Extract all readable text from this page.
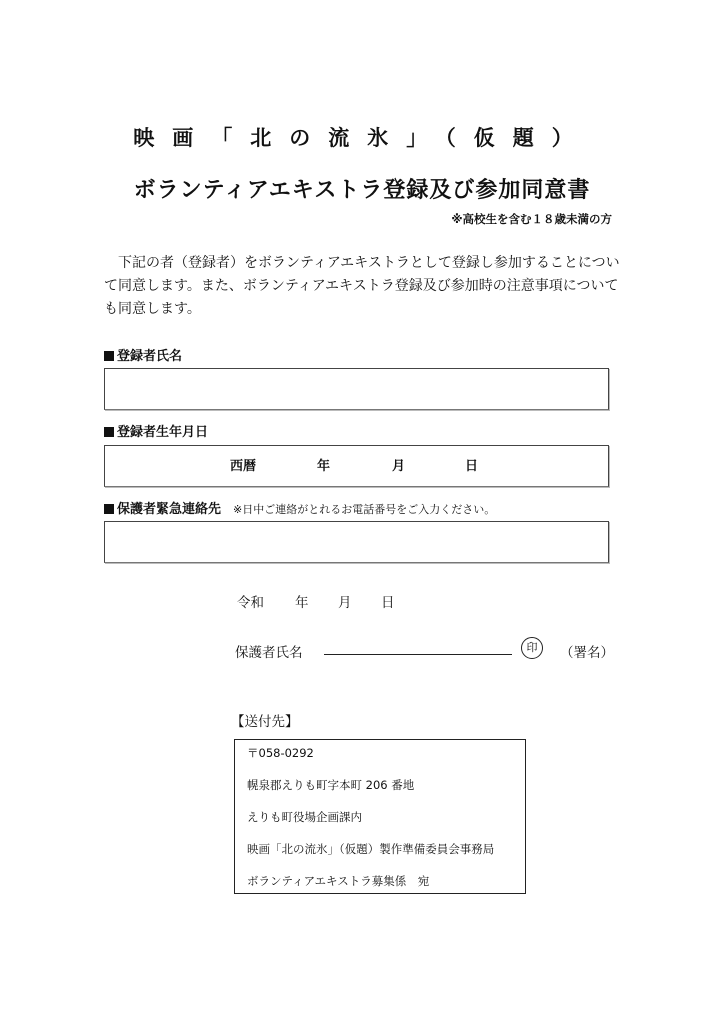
映画「北の流氷」（仮題）
ボランティアエキストラ登録及び参加同意書
※高校生を含む１８歳未満の方

下記の者（登録者）をボランティアエキストラとして登録し参加することについて同意します。また、ボランティアエキストラ登録及び参加時の注意事項についても同意します。

登録者氏名
登録者生年月日
西暦	年	月	日
保護者緊急連絡先 ※日中ご連絡がとれるお電話番号をご入力ください。
令和 年 月 日
保護者氏名	印	（署名）
【送付先】
〒058-0292
幌泉郡えりも町字本町 206 番地
えりも町役場企画課内
映画「北の流氷」（仮題）製作準備委員会事務局
ボランティアエキストラ募集係　宛
